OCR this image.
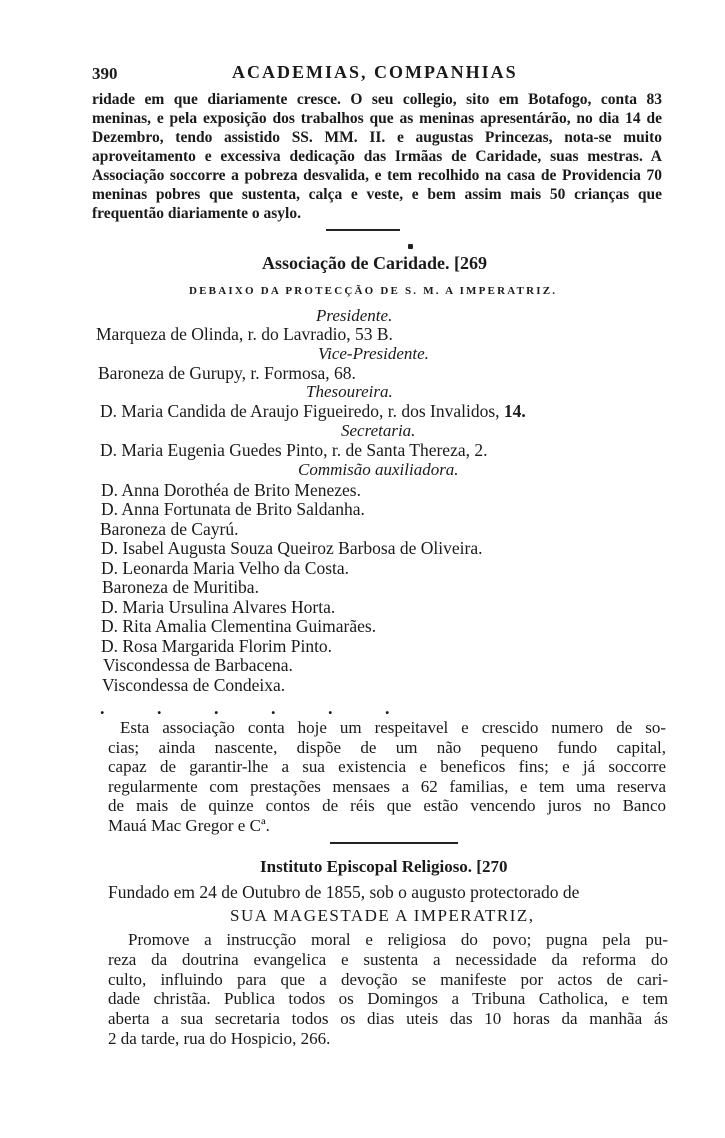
390	ACADEMIAS, COMPANHIAS
ridade em que diariamente cresce. O seu collegio, sito em Botafogo, conta 83
meninas, e pela exposição dos trabalhos que as meninas apresentárão, no dia 14 de
Dezembro, tendo assistido SS. MM. II. e augustas Princezas, nota-se muito
aproveitamento e excessiva dedicação das Irmãas de Caridade, suas mestras. A
Associação soccorre a pobreza desvalida, e tem recolhido na casa de Providencia 70
meninas pobres que sustenta, calça e veste, e bem assim mais 50 crianças que
frequentão diariamente o asylo.
Associação de Caridade. [269
DEBAIXO DA PROTECÇÃO DE S. M. A IMPERATRIZ.
Presidente.
Marqueza de Olinda, r. do Lavradio, 53 B.
Vice-Presidente.
Baroneza de Gurupy, r. Formosa, 68.
Thesoureira.
D. Maria Candida de Araujo Figueiredo, r. dos Invalidos, 14.
Secretaria.
D. Maria Eugenia Guedes Pinto, r. de Santa Thereza, 2.
Commisão auxiliadora.
D. Anna Dorothéa de Brito Menezes.
D. Anna Fortunata de Brito Saldanha.
Baroneza de Cayrú.
D. Isabel Augusta Souza Queiroz Barbosa de Oliveira.
D. Leonarda Maria Velho da Costa.
Baroneza de Muritiba.
D. Maria Ursulina Alvares Horta.
D. Rita Amalia Clementina Guimarães.
D. Rosa Margarida Florim Pinto.
Viscondessa de Barbacena.
Viscondessa de Condeixa.
. . . . . .
Esta associação conta hoje um respeitavel e crescido numero de so-
cias; ainda nascente, dispõe de um não pequeno fundo capital,
capaz de garantir-lhe a sua existencia e beneficos fins; e já soccorre
regularmente com prestações mensaes a 62 familias, e tem uma reserva
de mais de quinze contos de réis que estão vencendo juros no Banco
Mauá Mac Gregor e Cª.
Instituto Episcopal Religioso. [270
Fundado em 24 de Outubro de 1855, sob o augusto protectorado de
SUA MAGESTADE A IMPERATRIZ,
Promove a instrucção moral e religiosa do povo; pugna pela pu-
reza da doutrina evangelica e sustenta a necessidade da reforma do
culto, influindo para que a devoção se manifeste por actos de cari-
dade christãa. Publica todos os Domingos a Tribuna Catholica, e tem
aberta a sua secretaria todos os dias uteis das 10 horas da manhãa ás
2 da tarde, rua do Hospicio, 266.
